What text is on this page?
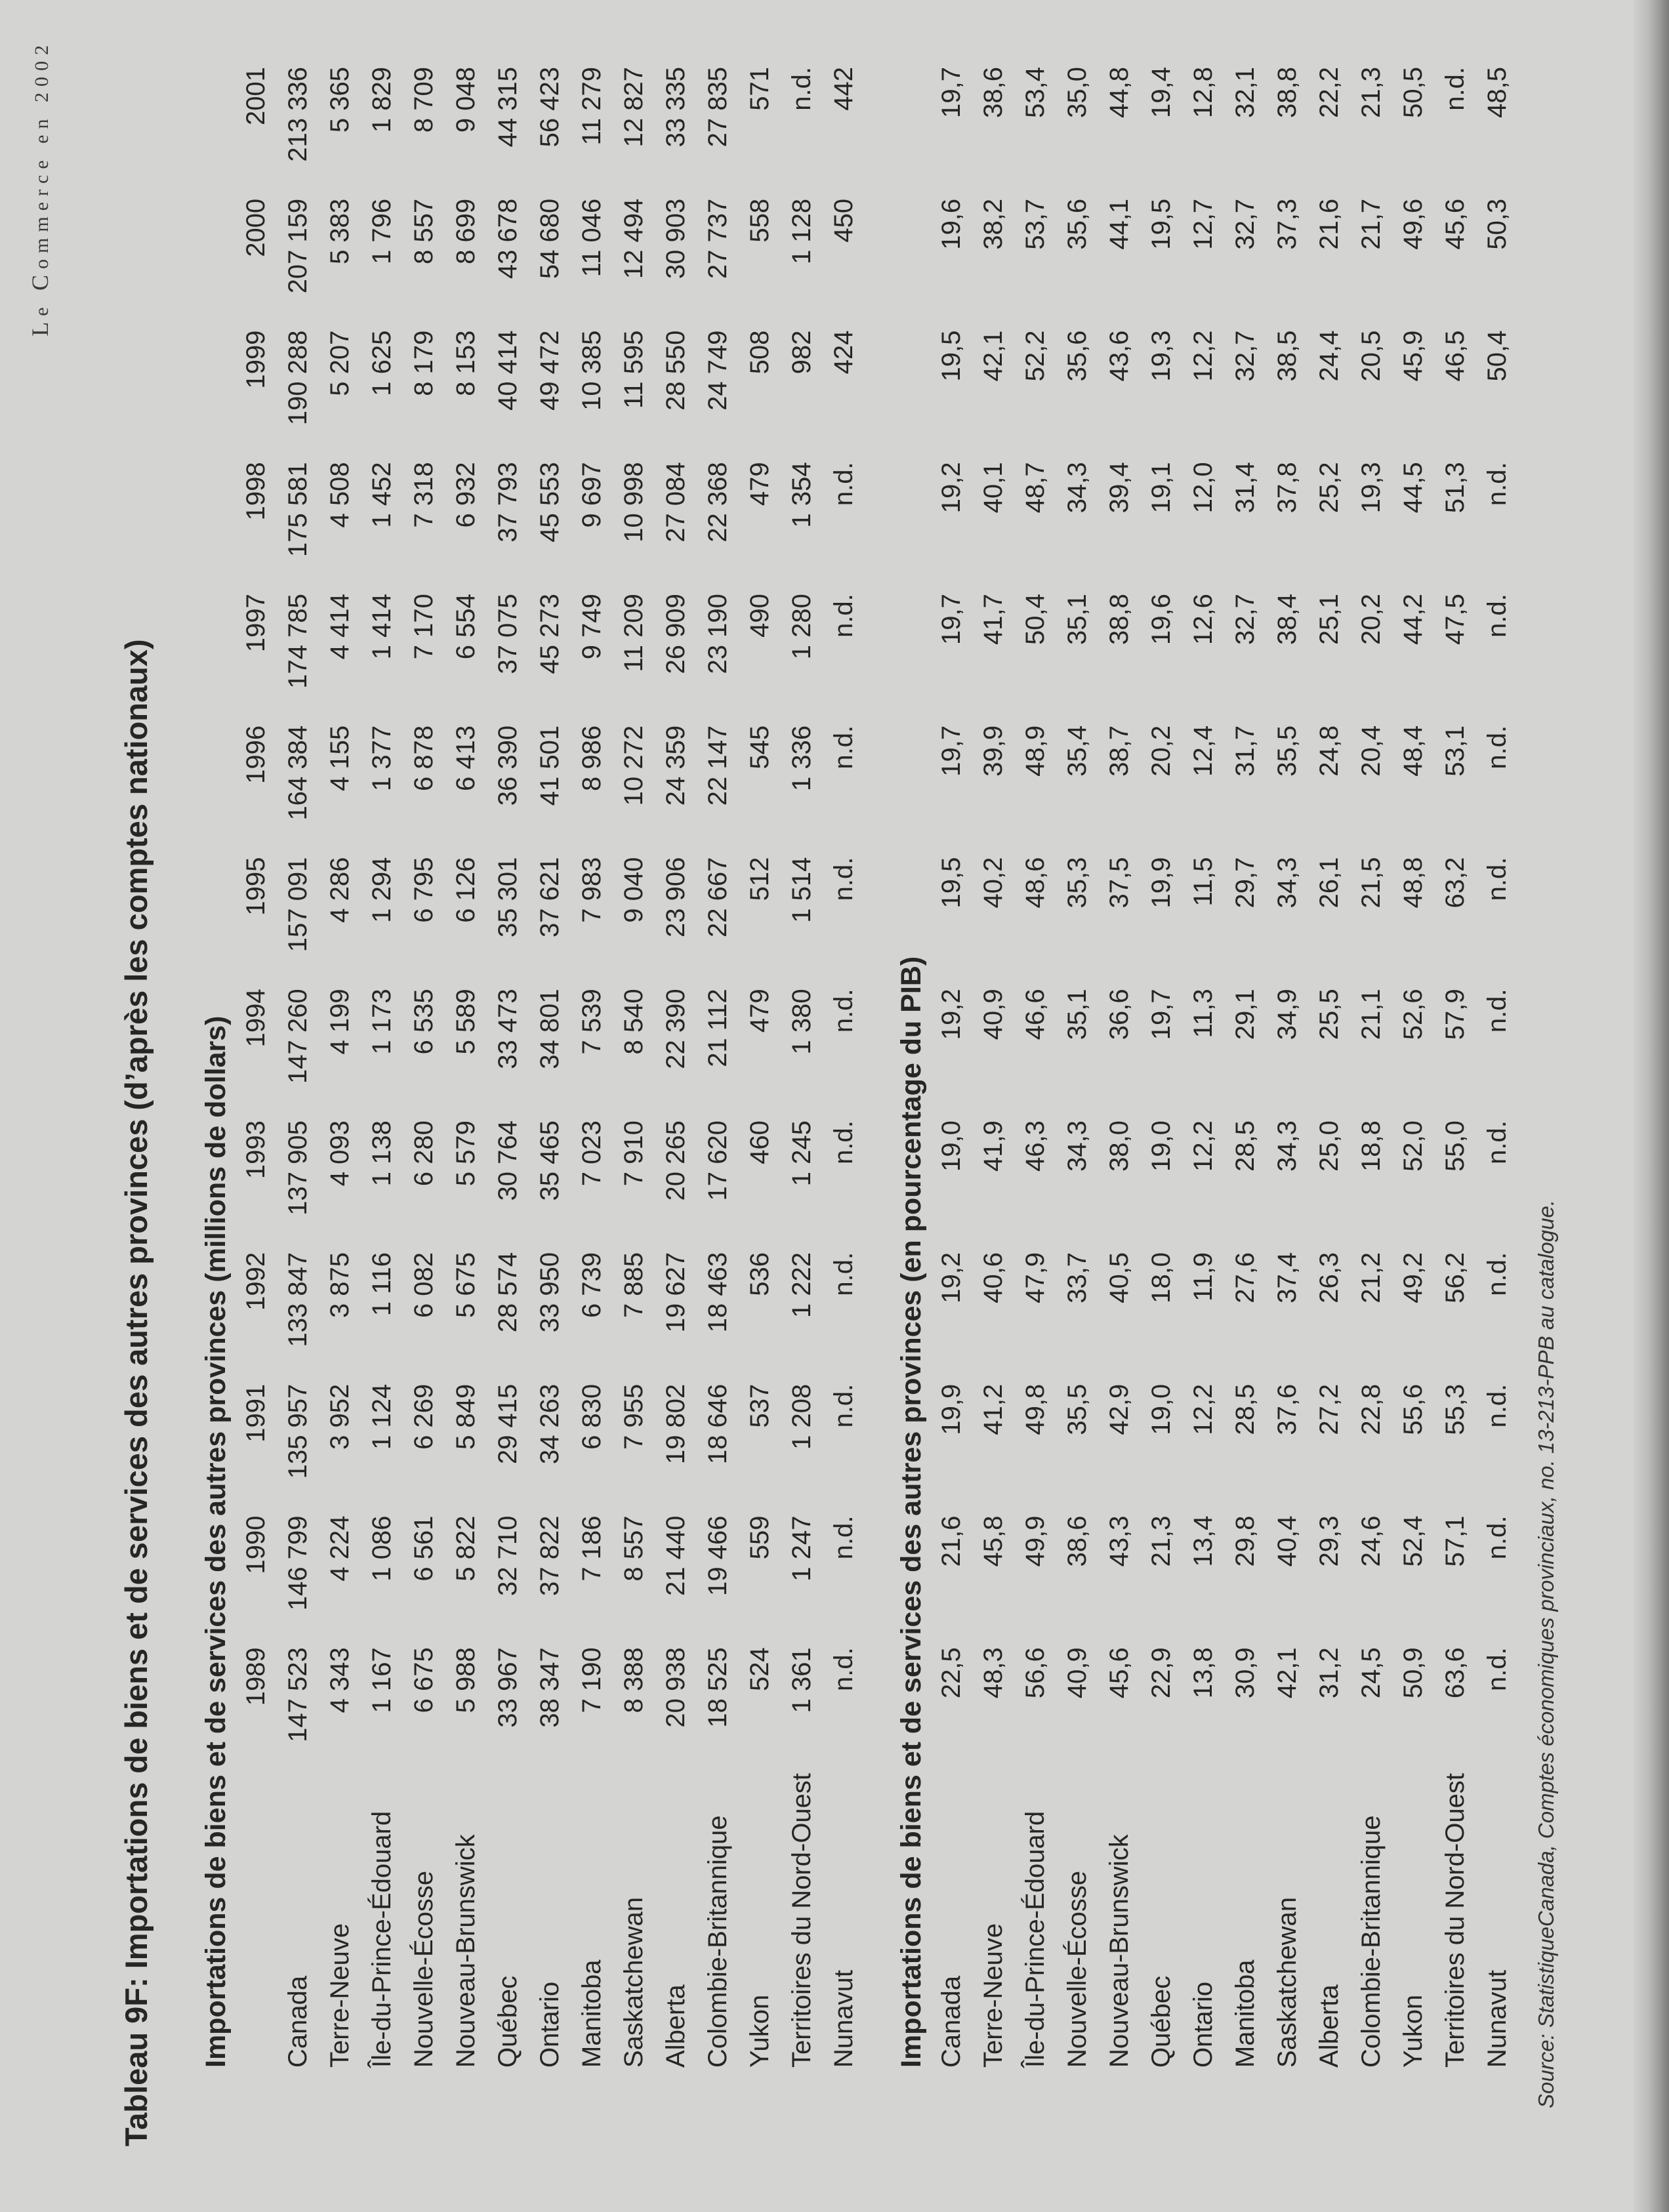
Le Commerce en 2002
Tableau 9F: Importations de biens et de services des autres provinces (d’après les comptes nationaux) Importations de biens et de services des autres provinces (millions de dollars)
	1989	1990	1991	1992	1993	1994	1995	1996	1997	1998	1999	2000	2001
Canada	147 523	146 799	135 957	133 847	137 905	147 260	157 091	164 384	174 785	175 581	190 288	207 159	213 336
Terre-Neuve	4 343	4 224	3 952	3 875	4 093	4 199	4 286	4 155	4 414	4 508	5 207	5 383	5 365
Île-du-Prince-Édouard	1 167	1 086	1 124	1 116	1 138	1 173	1 294	1 377	1 414	1 452	1 625	1 796	1 829
Nouvelle-Écosse	6 675	6 561	6 269	6 082	6 280	6 535	6 795	6 878	7 170	7 318	8 179	8 557	8 709
Nouveau-Brunswick	5 988	5 822	5 849	5 675	5 579	5 589	6 126	6 413	6 554	6 932	8 153	8 699	9 048
Québec	33 967	32 710	29 415	28 574	30 764	33 473	35 301	36 390	37 075	37 793	40 414	43 678	44 315
Ontario	38 347	37 822	34 263	33 950	35 465	34 801	37 621	41 501	45 273	45 553	49 472	54 680	56 423
Manitoba	7 190	7 186	6 830	6 739	7 023	7 539	7 983	8 986	9 749	9 697	10 385	11 046	11 279
Saskatchewan	8 388	8 557	7 955	7 885	7 910	8 540	9 040	10 272	11 209	10 998	11 595	12 494	12 827
Alberta	20 938	21 440	19 802	19 627	20 265	22 390	23 906	24 359	26 909	27 084	28 550	30 903	33 335
Colombie-Britannique	18 525	19 466	18 646	18 463	17 620	21 112	22 667	22 147	23 190	22 368	24 749	27 737	27 835
Yukon	524	559	537	536	460	479	512	545	490	479	508	558	571
Territoires du Nord-Ouest	1 361	1 247	1 208	1 222	1 245	1 380	1 514	1 336	1 280	1 354	982	1 128	n.d.
Nunavut	n.d.	n.d.	n.d.	n.d.	n.d.	n.d.	n.d.	n.d.	n.d.	n.d.	424	450	442
Importations de biens et de services des autres provinces (en pourcentage du PIB) Canada	22,5	21,6	19,9	19,2	19,0	19,2	19,5	19,7	19,7	19,2	19,5	19,6	19,7
Terre-Neuve	48,3	45,8	41,2	40,6	41,9	40,9	40,2	39,9	41,7	40,1	42,1	38,2	38,6
Île-du-Prince-Édouard	56,6	49,9	49,8	47,9	46,3	46,6	48,6	48,9	50,4	48,7	52,2	53,7	53,4
Nouvelle-Écosse	40,9	38,6	35,5	33,7	34,3	35,1	35,3	35,4	35,1	34,3	35,6	35,6	35,0
Nouveau-Brunswick	45,6	43,3	42,9	40,5	38,0	36,6	37,5	38,7	38,8	39,4	43,6	44,1	44,8
Québec	22,9	21,3	19,0	18,0	19,0	19,7	19,9	20,2	19,6	19,1	19,3	19,5	19,4
Ontario	13,8	13,4	12,2	11,9	12,2	11,3	11,5	12,4	12,6	12,0	12,2	12,7	12,8
Manitoba	30,9	29,8	28,5	27,6	28,5	29,1	29,7	31,7	32,7	31,4	32,7	32,7	32,1
Saskatchewan	42,1	40,4	37,6	37,4	34,3	34,9	34,3	35,5	38,4	37,8	38,5	37,3	38,8
Alberta	31,2	29,3	27,2	26,3	25,0	25,5	26,1	24,8	25,1	25,2	24,4	21,6	22,2
Colombie-Britannique	24,5	24,6	22,8	21,2	18,8	21,1	21,5	20,4	20,2	19,3	20,5	21,7	21,3
Yukon	50,9	52,4	55,6	49,2	52,0	52,6	48,8	48,4	44,2	44,5	45,9	49,6	50,5
Territoires du Nord-Ouest	63,6	57,1	55,3	56,2	55,0	57,9	63,2	53,1	47,5	51,3	46,5	45,6	n.d.
Nunavut	n.d.	n.d.	n.d.	n.d.	n.d.	n.d.	n.d.	n.d.	n.d.	n.d.	50,4	50,3	48,5
Source: StatistiqueCanada, Comptes économiques provinciaux, no. 13-213-PPB au catalogue.
